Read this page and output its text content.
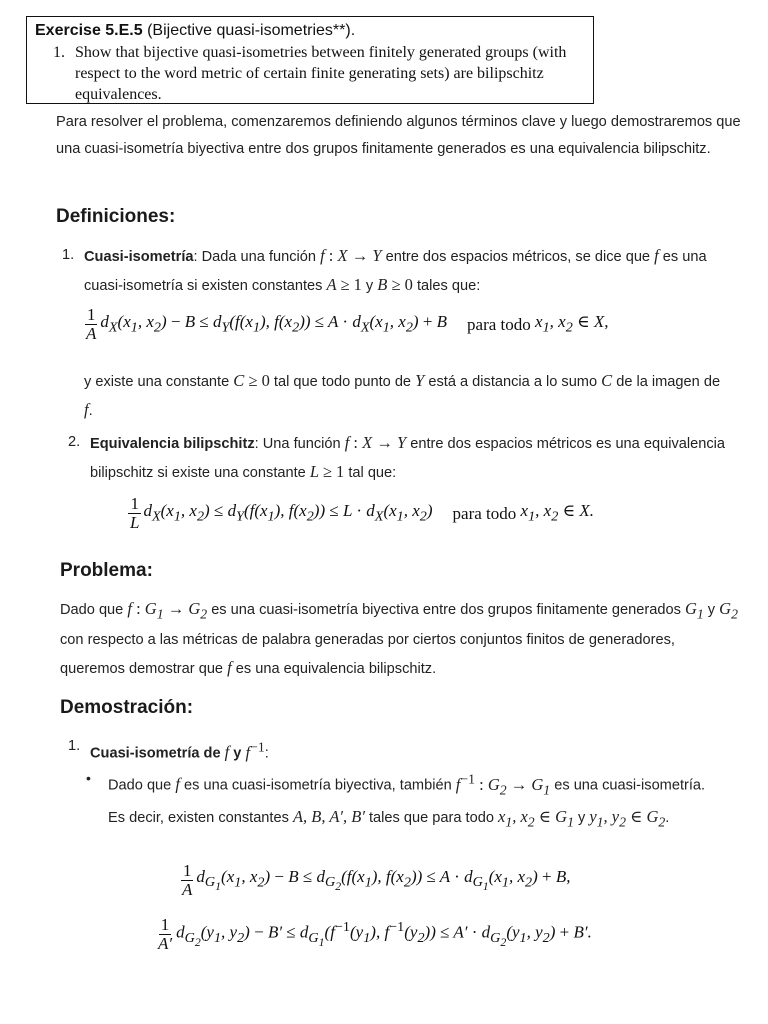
Exercise 5.E.5 (Bijective quasi-isometries**).
1. Show that bijective quasi-isometries between finitely generated groups (with respect to the word metric of certain finite generating sets) are bilipschitz equivalences.
Para resolver el problema, comenzaremos definiendo algunos términos clave y luego demostraremos que una cuasi-isometría biyectiva entre dos grupos finitamente generados es una equivalencia bilipschitz.
Definiciones:
1. Cuasi-isometría: Dada una función f : X → Y entre dos espacios métricos, se dice que f es una cuasi-isometría si existen constantes A ≥ 1 y B ≥ 0 tales que:
$\frac{1}{A} d_X(x_1$, $x_2) - B \le d_Y(f(x_1)$, $f(x_2)) \le A \cdot d_X(x_1$, $x_2) + B$ para todo $x_1$, $x_2$ ∈ X,
y existe una constante C ≥ 0 tal que todo punto de Y está a distancia a lo sumo C de la imagen de f.
2. Equivalencia bilipschitz: Una función f : X → Y entre dos espacios métricos es una equivalencia bilipschitz si existe una constante L ≥ 1 tal que:
$\frac{1}{L} d_X(x_1$, $x_2) \le d_Y(f(x_1)$, $f(x_2)) \le L \cdot d_X(x_1$, $x_2$) para todo $x_1$, $x_2$ ∈ X.
Problema:
Dado que f : $G_1 \to G_2$ es una cuasi-isometría biyectiva entre dos grupos finitamente generados $G_1$ y $G_2$ con respecto a las métricas de palabra generadas por ciertos conjuntos finitos de generadores, queremos demostrar que f es una equivalencia bilipschitz.
Demostración:
1. Cuasi-isometría de f y $f^{-1}$:
• Dado que f es una cuasi-isometría biyectiva, también $f^{-1}$ : $G_2 \to G_1$ es una cuasi-isometría. Es decir, existen constantes A, B, A′, B′ tales que para todo $x_1$, $x_2$ ∈ $G_1$ y $y_1$, $y_2$ ∈ $G_2$.
$\frac{1}{A} d_{G_1}(x_1$, $x_2) - B \le d_{G_2}(f(x_1)$, $f(x_2)) \le A \cdot d_{G_1}(x_1$, $x_2) + B$,
$\frac{1}{A'} d_{G_2}(y_1$, $y_2) - B' \le d_{G_1}(f^{-1}(y_1)$, $f^{-1}(y_2)) \le A' \cdot d_{G_2}(y_1$, $y_2) + B'$.
